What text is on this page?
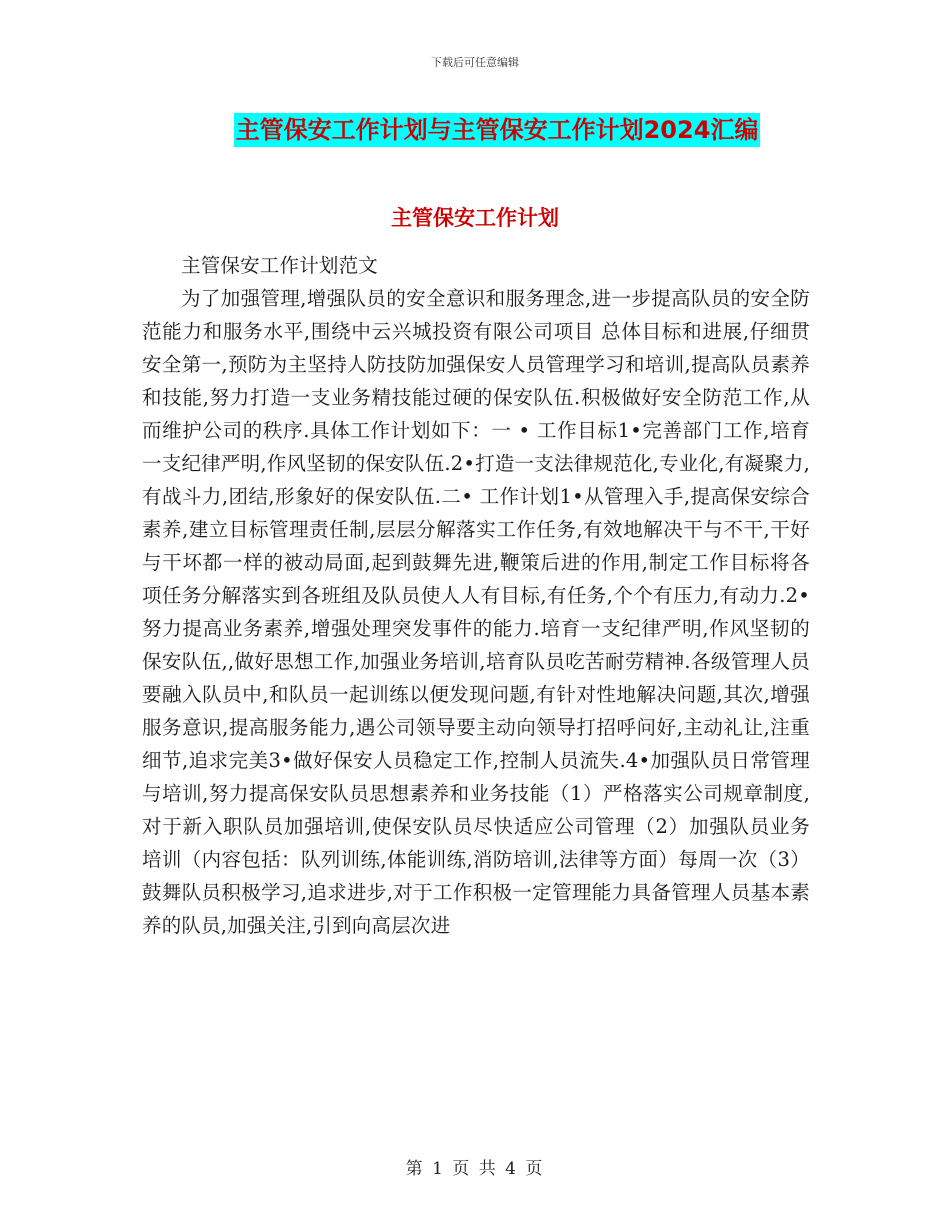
下载后可任意编辑
主管保安工作计划与主管保安工作计划2024汇编
主管保安工作计划

主管保安工作计划范文

为了加强管理,增强队员的安全意识和服务理念,进一步提高队员的安全防范能力和服务水平,围绕中云兴城投资有限公司项目 总体目标和进展,仔细贯安全第一,预防为主坚持人防技防加强保安人员管理学习和培训,提高队员素养和技能,努力打造一支业务精技能过硬的保安队伍.积极做好安全防范工作,从而维护公司的秩序.具体工作计划如下：一 • 工作目标1•完善部门工作,培育一支纪律严明,作风坚韧的保安队伍.2•打造一支法律规范化,专业化,有凝聚力,有战斗力,团结,形象好的保安队伍.二• 工作计划1•从管理入手,提高保安综合素养,建立目标管理责任制,层层分解落实工作任务,有效地解决干与不干,干好与干坏都一样的被动局面,起到鼓舞先进,鞭策后进的作用,制定工作目标将各项任务分解落实到各班组及队员使人人有目标,有任务,个个有压力,有动力.2•努力提高业务素养,增强处理突发事件的能力.培育一支纪律严明,作风坚韧的保安队伍,,做好思想工作,加强业务培训,培育队员吃苦耐劳精神.各级管理人员要融入队员中,和队员一起训练以便发现问题,有针对性地解决问题,其次,增强服务意识,提高服务能力,遇公司领导要主动向领导打招呼问好,主动礼让,注重细节,追求完美3•做好保安人员稳定工作,控制人员流失.4•加强队员日常管理与培训,努力提高保安队员思想素养和业务技能（1）严格落实公司规章制度,对于新入职队员加强培训,使保安队员尽快适应公司管理（2）加强队员业务培训（内容包括：队列训练,体能训练,消防培训,法律等方面）每周一次（3）鼓舞队员积极学习,追求进步,对于工作积极一定管理能力具备管理人员基本素养的队员,加强关注,引到向高层次进

第 1 页 共 4 页
